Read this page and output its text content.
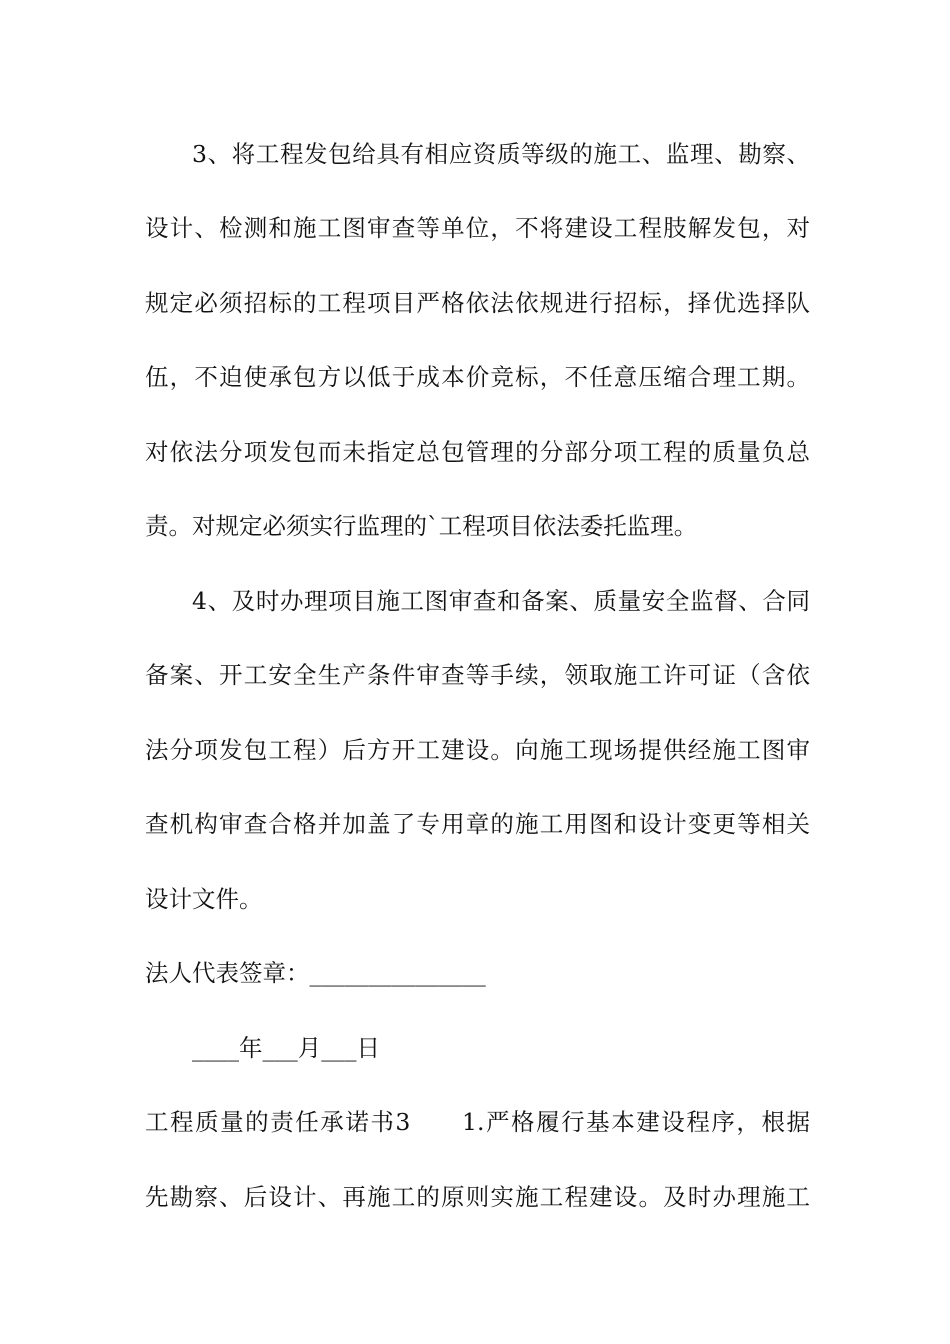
3、将工程发包给具有相应资质等级的施工、监理、勘察、
设计、检测和施工图审查等单位，不将建设工程肢解发包，对
规定必须招标的工程项目严格依法依规进行招标，择优选择队
伍，不迫使承包方以低于成本价竞标，不任意压缩合理工期。
对依法分项发包而未指定总包管理的分部分项工程的质量负总
责。对规定必须实行监理的`工程项目依法委托监理。
4、及时办理项目施工图审查和备案、质量安全监督、合同
备案、开工安全生产条件审查等手续，领取施工许可证（含依
法分项发包工程）后方开工建设。向施工现场提供经施工图审
查机构审查合格并加盖了专用章的施工用图和设计变更等相关
设计文件。
法人代表签章：_______________
____年___月___日
工程质量的责任承诺书3　　1.严格履行基本建设程序，根据
先勘察、后设计、再施工的原则实施工程建设。及时办理施工
